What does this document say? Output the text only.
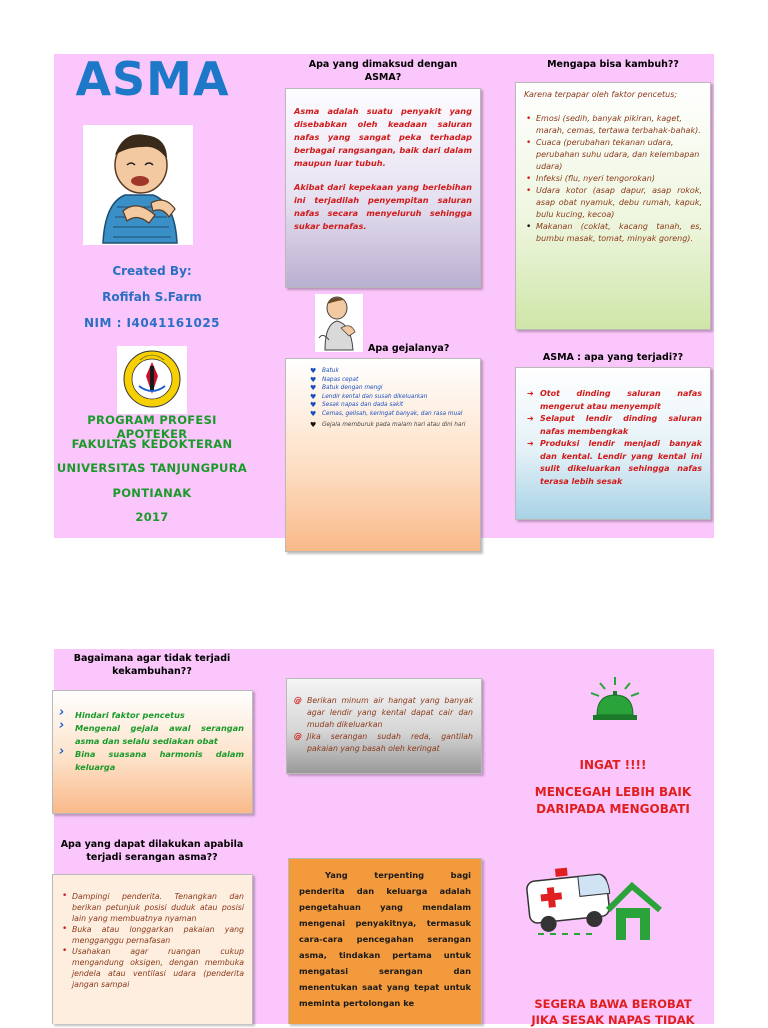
ASMA
Created By:
Rofifah S.Farm
NIM : I4041161025
PROGRAM PROFESI APOTEKER
FAKULTAS KEDOKTERAN
UNIVERSITAS TANJUNGPURA
PONTIANAK
2017
Apa yang dimaksud dengan
ASMA?
Asma adalah suatu penyakit yang disebabkan oleh keadaan saluran nafas yang sangat peka terhadap berbagai rangsangan, baik dari dalam maupun luar tubuh.
Akibat dari kepekaan yang berlebihan ini terjadilah penyempitan saluran nafas secara menyeluruh sehingga sukar bernafas.
Apa gejalanya?
♥ Batuk
♥ Napas cepat
♥ Batuk dengan mengi
♥ Lendir kental dan susah dikeluarkan
♥ Sesak napas dan dada sakit
♥ Cemas, gelisah, keringat banyak, dan rasa mual
♥ Gejala memburuk pada malam hari atau dini hari
Mengapa bisa kambuh??
Karena terpapar oleh faktor pencetus;
• Emosi (sedih, banyak pikiran, kaget, marah, cemas, tertawa terbahak-bahak).
• Cuaca (perubahan tekanan udara, perubahan suhu udara, dan kelembapan udara)
• Infeksi (flu, nyeri tengorokan)
• Udara kotor (asap dapur, asap rokok, asap obat nyamuk, debu rumah, kapuk, bulu kucing, kecoa)
• Makanan (coklat, kacang tanah, es, bumbu masak, tomat, minyak goreng).
ASMA : apa yang terjadi??
➔ Otot dinding saluran nafas mengerut atau menyempit
➔ Selaput lendir dinding saluran nafas membengkak
➔ Produksi lendir menjadi banyak dan kental. Lendir yang kental ini sulit dikeluarkan sehingga nafas terasa lebih sesak
Bagaimana agar tidak terjadi
kekambuhan??
› Hindari faktor pencetus
› Mengenal gejala awal serangan asma dan selalu sediakan obat
› Bina suasana harmonis dalam keluarga
Apa yang dapat dilakukan apabila
terjadi serangan asma??
• Dampingi penderita. Tenangkan dan berikan petunjuk posisi duduk atau posisi lain yang membuatnya nyaman
• Buka atau longgarkan pakaian yang mengganggu pernafasan
• Usahakan agar ruangan cukup mengandung oksigen, dengan membuka jendela atau ventilasi udara (penderita jangan sampai
@ Berikan minum air hangat yang banyak agar lendir yang kental dapat cair dan mudah dikeluarkan
@ Jika serangan sudah reda, gantilah pakaian yang basah oleh keringat
Yang terpenting bagi penderita dan keluarga adalah pengetahuan yang mendalam mengenai penyakitnya, termasuk cara-cara pencegahan serangan asma, tindakan pertama untuk mengatasi serangan dan menentukan saat yang tepat untuk meminta pertolongan ke
INGAT !!!!
MENCEGAH LEBIH BAIK
DARIPADA MENGOBATI
SEGERA BAWA BEROBAT
JIKA SESAK NAPAS TIDAK
